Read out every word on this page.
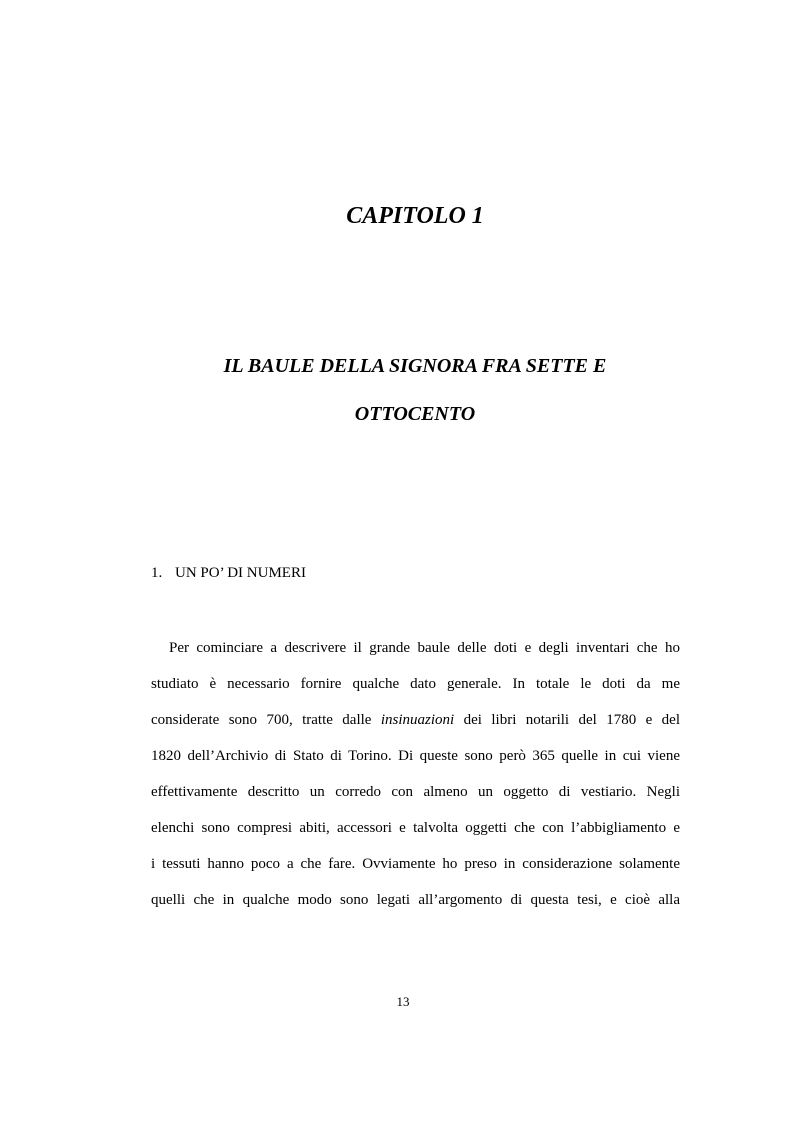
CAPITOLO 1
IL BAULE DELLA SIGNORA FRA SETTE E
OTTOCENTO

1. UN PO’ DI NUMERI

Per cominciare a descrivere il grande baule delle doti e degli inventari che ho
studiato è necessario fornire qualche dato generale. In totale le doti da me
considerate sono 700, tratte dalle insinuazioni dei libri notarili del 1780 e del
1820 dell’Archivio di Stato di Torino. Di queste sono però 365 quelle in cui viene
effettivamente descritto un corredo con almeno un oggetto di vestiario. Negli
elenchi sono compresi abiti, accessori e talvolta oggetti che con l’abbigliamento e
i tessuti hanno poco a che fare. Ovviamente ho preso in considerazione solamente
quelli che in qualche modo sono legati all’argomento di questa tesi, e cioè alla

13
